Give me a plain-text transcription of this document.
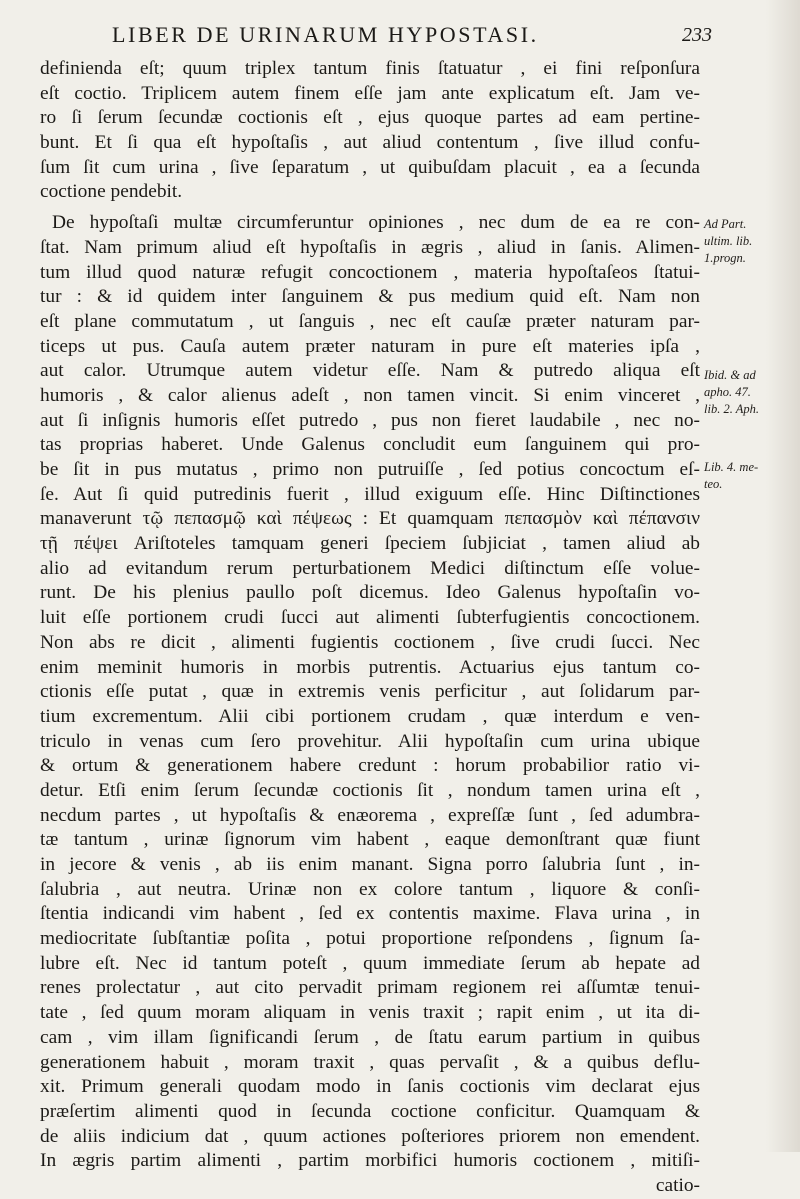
LIBER DE URINARUM HYPOSTASI.	233
definienda eſt; quum triplex tantum finis ſtatuatur , ei fini reſponſura
eſt coctio. Triplicem autem finem eſſe jam ante explicatum eſt. Jam ve-
ro ſi ſerum ſecundæ coctionis eſt , ejus quoque partes ad eam pertine-
bunt. Et ſi qua eſt hypoſtaſis , aut aliud contentum , ſive illud confu-
ſum ſit cum urina , ſive ſeparatum , ut quibuſdam placuit , ea a ſecunda
coctione pendebit.
De hypoſtaſi multæ circumferuntur opiniones , nec dum de ea re con-
ſtat. Nam primum aliud eſt hypoſtaſis in ægris , aliud in ſanis. Alimen-
tum illud quod naturæ refugit concoctionem , materia hypoſtaſeos ſtatui-
tur : & id quidem inter ſanguinem & pus medium quid eſt. Nam non
eſt plane commutatum , ut ſanguis , nec eſt cauſæ præter naturam par-
ticeps ut pus. Cauſa autem præter naturam in pure eſt materies ipſa ,
aut calor. Utrumque autem videtur eſſe. Nam & putredo aliqua eſt
humoris , & calor alienus adeſt , non tamen vincit. Si enim vinceret ,
aut ſi inſignis humoris eſſet putredo , pus non fieret laudabile , nec no-
tas proprias haberet. Unde Galenus concludit eum ſanguinem qui pro-
be ſit in pus mutatus , primo non putruiſſe , ſed potius concoctum eſ-
ſe. Aut ſi quid putredinis fuerit , illud exiguum eſſe. Hinc Diſtinctiones
manaverunt τῷ πεπασμῷ καὶ πέψεως : Et quamquam πεπασμὸν καὶ πέπανσιν
τῇ πέψει Ariſtoteles tamquam generi ſpeciem ſubjiciat , tamen aliud ab
alio ad evitandum rerum perturbationem Medici diſtinctum eſſe volue-
runt. De his plenius paullo poſt dicemus. Ideo Galenus hypoſtaſin vo-
luit eſſe portionem crudi ſucci aut alimenti ſubterfugientis concoctionem.
Non abs re dicit , alimenti fugientis coctionem , ſive crudi ſucci. Nec
enim meminit humoris in morbis putrentis. Actuarius ejus tantum co-
ctionis eſſe putat , quæ in extremis venis perficitur , aut ſolidarum par-
tium excrementum. Alii cibi portionem crudam , quæ interdum e ven-
triculo in venas cum ſero provehitur. Alii hypoſtaſin cum urina ubique
& ortum & generationem habere credunt : horum probabilior ratio vi-
detur. Etſi enim ſerum ſecundæ coctionis ſit , nondum tamen urina eſt ,
necdum partes , ut hypoſtaſis & enæorema , expreſſæ ſunt , ſed adumbra-
tæ tantum , urinæ ſignorum vim habent , eaque demonſtrant quæ fiunt
in jecore & venis , ab iis enim manant. Signa porro ſalubria ſunt , in-
ſalubria , aut neutra. Urinæ non ex colore tantum , liquore & conſi-
ſtentia indicandi vim habent , ſed ex contentis maxime. Flava urina , in
mediocritate ſubſtantiæ poſita , potui proportione reſpondens , ſignum ſa-
lubre eſt. Nec id tantum poteſt , quum immediate ſerum ab hepate ad
renes prolectatur , aut cito pervadit primam regionem rei aſſumtæ tenui-
tate , ſed quum moram aliquam in venis traxit ; rapit enim , ut ita di-
cam , vim illam ſignificandi ſerum , de ſtatu earum partium in quibus
generationem habuit , moram traxit , quas pervaſit , & a quibus deflu-
xit. Primum generali quodam modo in ſanis coctionis vim declarat ejus
præſertim alimenti quod in ſecunda coctione conficitur. Quamquam &
de aliis indicium dat , quum actiones poſteriores priorem non emendent.
In ægris partim alimenti , partim morbifici humoris coctionem , mitiſi-
catio-
Ad Part.
ultim. lib.
1.progn.
Ibid. & ad
apho. 47.
lib. 2. Aph.
Lib. 4. me-
teo.
